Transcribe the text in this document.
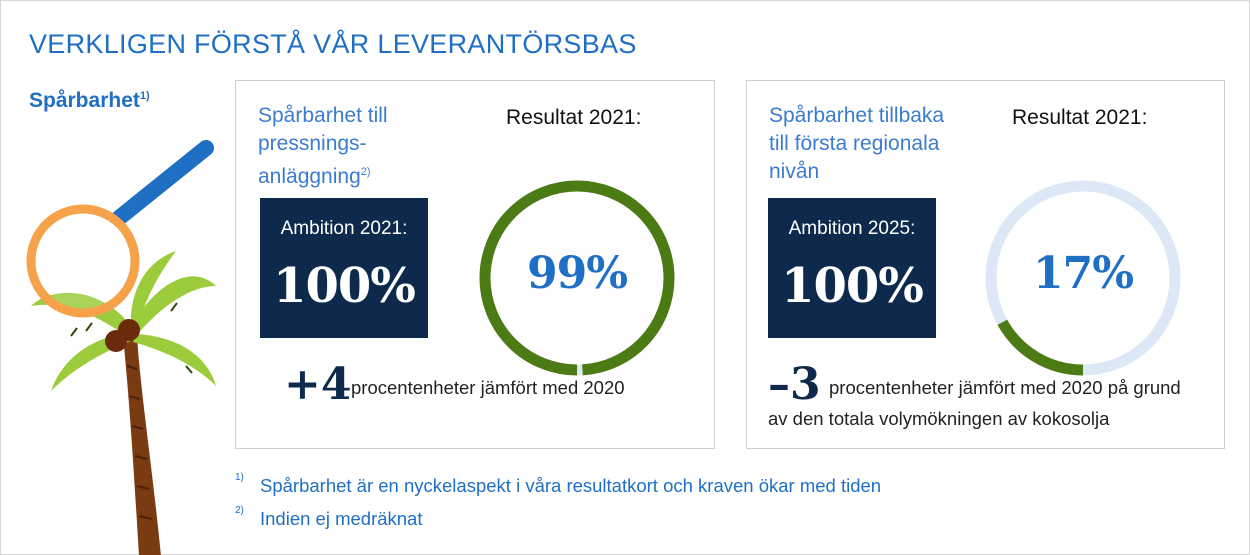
VERKLIGEN FÖRSTÅ VÅR LEVERANTÖRSBAS
Spårbarhet$^{1)}$
Spårbarhet till
pressnings-
anläggning$^{2)}$
Resultat 2021:
Ambition 2021:
100%	99%
+4 procentenheter jämfört med 2020
Spårbarhet tillbaka
till första regionala
nivån
Resultat 2021:
Ambition 2025:
100%	17%
–3 procentenheter jämfört med 2020 på grund
av den totala volymökningen av kokosolja
1) Spårbarhet är en nyckelaspekt i våra resultatkort och kraven ökar med tiden
2) Indien ej medräknat
